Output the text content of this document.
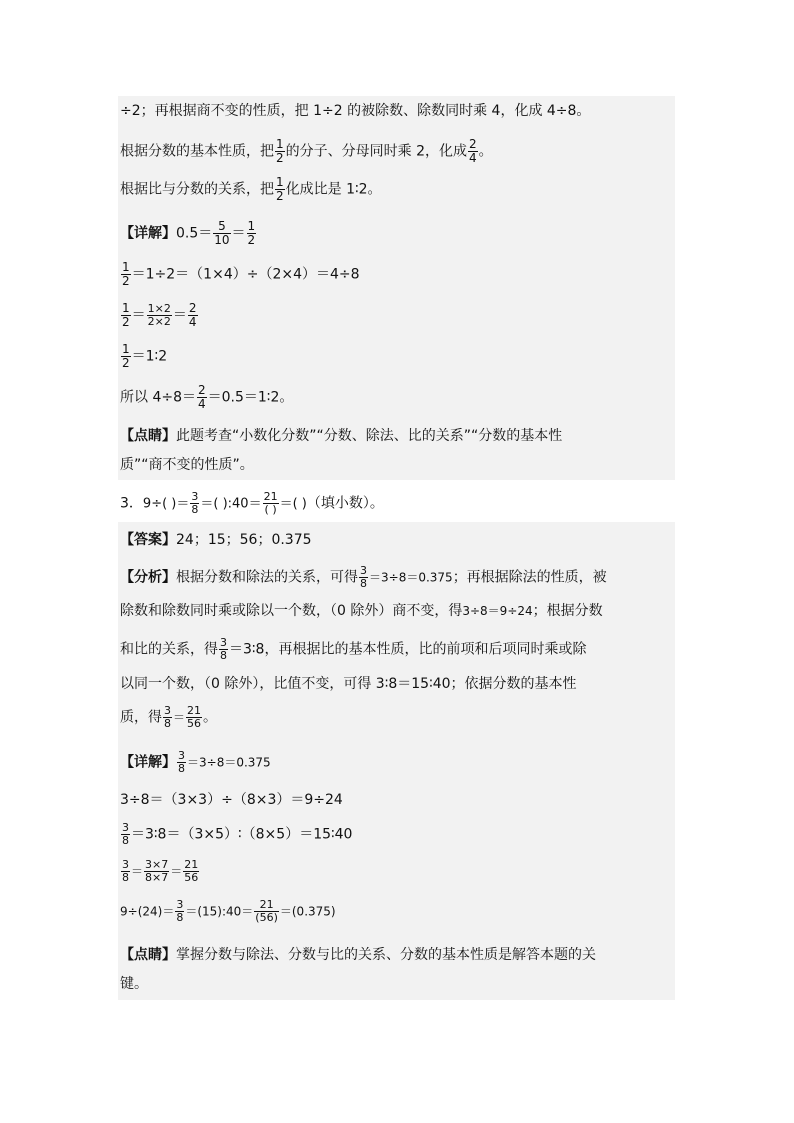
÷2；再根据商不变的性质，把 1÷2 的被除数、除数同时乘 4，化成 4÷8。
根据分数的基本性质，把 $\frac{1}{2}$ 的分子、分母同时乘 2，化成 $\frac{2}{4}$ 。
根据比与分数的关系，把 $\frac{1}{2}$ 化成比是 1∶2。
【详解】$0.5= \frac{5}{10} = \frac{1}{2}$
$\frac{1}{2} =1\div 2=(1\times 4)\div(2\times 4)=4\div 8$
$\frac{1}{2} = \frac{1\times 2}{2\times 2} = \frac{2}{4}$
$\frac{1}{2}$ ＝1∶2
所以 $4\div 8= \frac{2}{4}$ ＝0.5＝1∶2。
【点睛】此题考查“小数化分数”“分数、除法、比的关系”“分数的基本性
质”“商不变的性质”。
3．9÷( )＝ $\frac{3}{8}$ ＝( ):40＝ 21
( ) ＝( )（填小数）。
【答案】24；15；56；0.375
【分析】根据分数和除法的关系，可得 $\frac{3}{8} =3\div 8=0.375$；再根据除法的性质，被
除数和除数同时乘或除以一个数，（0 除外）商不变，得3÷8＝9÷24；根据分数
和比的关系，得 $\frac{3}{8}$ ＝3∶8，再根据比的基本性质，比的前项和后项同时乘或除
以同一个数，（0 除外），比值不变，可得 3∶8＝15∶40；依据分数的基本性
质，得 $\frac{3}{8} = \frac{21}{56}$ 。
【详解】 $\frac{3}{8} =3\div 8=0.375$
3÷8＝（3×3）÷（8×3）＝9÷24
$\frac{3}{8}$ ＝3∶8＝（3×5）∶（8×5）＝15∶40
$\frac{3}{8} = \frac{3\times 7}{8\times 7} = \frac{21}{56}$
$9\div(24)= \frac{3}{8}$ ＝(15):40＝ $\frac{21}{(56)} =(0.375)$
【点睛】掌握分数与除法、分数与比的关系、分数的基本性质是解答本题的关
键。
